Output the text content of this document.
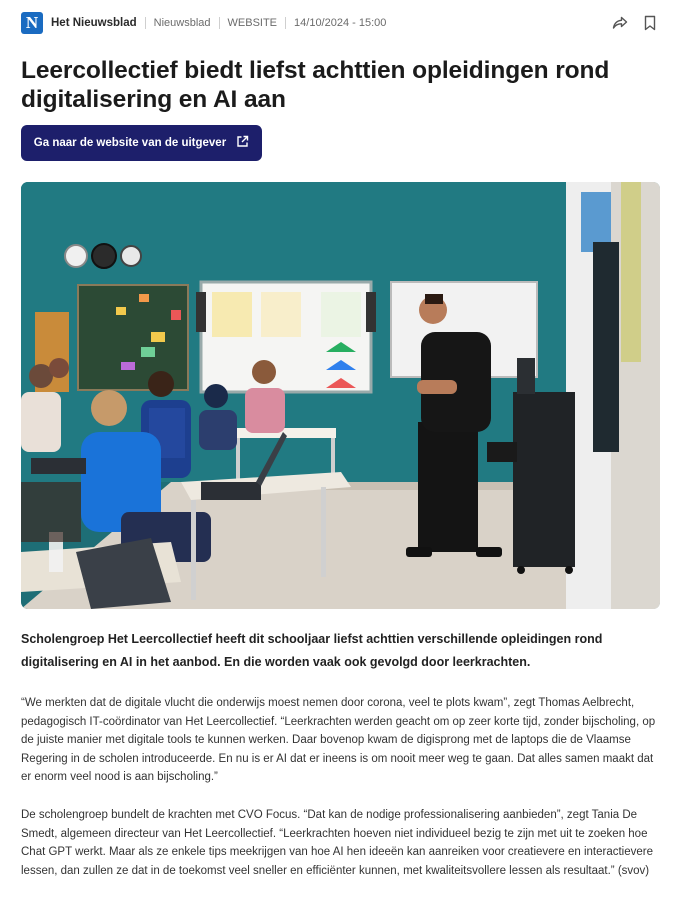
N	Het Nieuwsblad Nieuwsblad WEBSITE 14/10/2024 - 15:00
Leercollectief biedt liefst achttien opleidingen rond digitalisering en AI aan
Ga naar de website van de uitgever

Scholengroep Het Leercollectief heeft dit schooljaar liefst achttien verschillende opleidingen rond digitalisering en AI in het aanbod. En die worden vaak ook gevolgd door leerkrachten.

“We merkten dat de digitale vlucht die onderwijs moest nemen door corona, veel te plots kwam”, zegt Thomas Aelbrecht, pedagogisch IT-coördinator van Het Leercollectief. “Leerkrachten werden geacht om op zeer korte tijd, zonder bijscholing, op de juiste manier met digitale tools te kunnen werken. Daar bovenop kwam de digisprong met de laptops die de Vlaamse Regering in de scholen introduceerde. En nu is er AI dat er ineens is om nooit meer weg te gaan. Dat alles samen maakt dat er enorm veel nood is aan bijscholing.”

De scholengroep bundelt de krachten met CVO Focus. “Dat kan de nodige professionalisering aanbieden”, zegt Tania De Smedt, algemeen directeur van Het Leercollectief. “Leerkrachten hoeven niet individueel bezig te zijn met uit te zoeken hoe Chat GPT werkt. Maar als ze enkele tips meekrijgen van hoe AI hen ideeën kan aanreiken voor creatievere en interactievere lessen, dan zullen ze dat in de toekomst veel sneller en efficiënter kunnen, met kwaliteitsvollere lessen als resultaat.” (svov)
